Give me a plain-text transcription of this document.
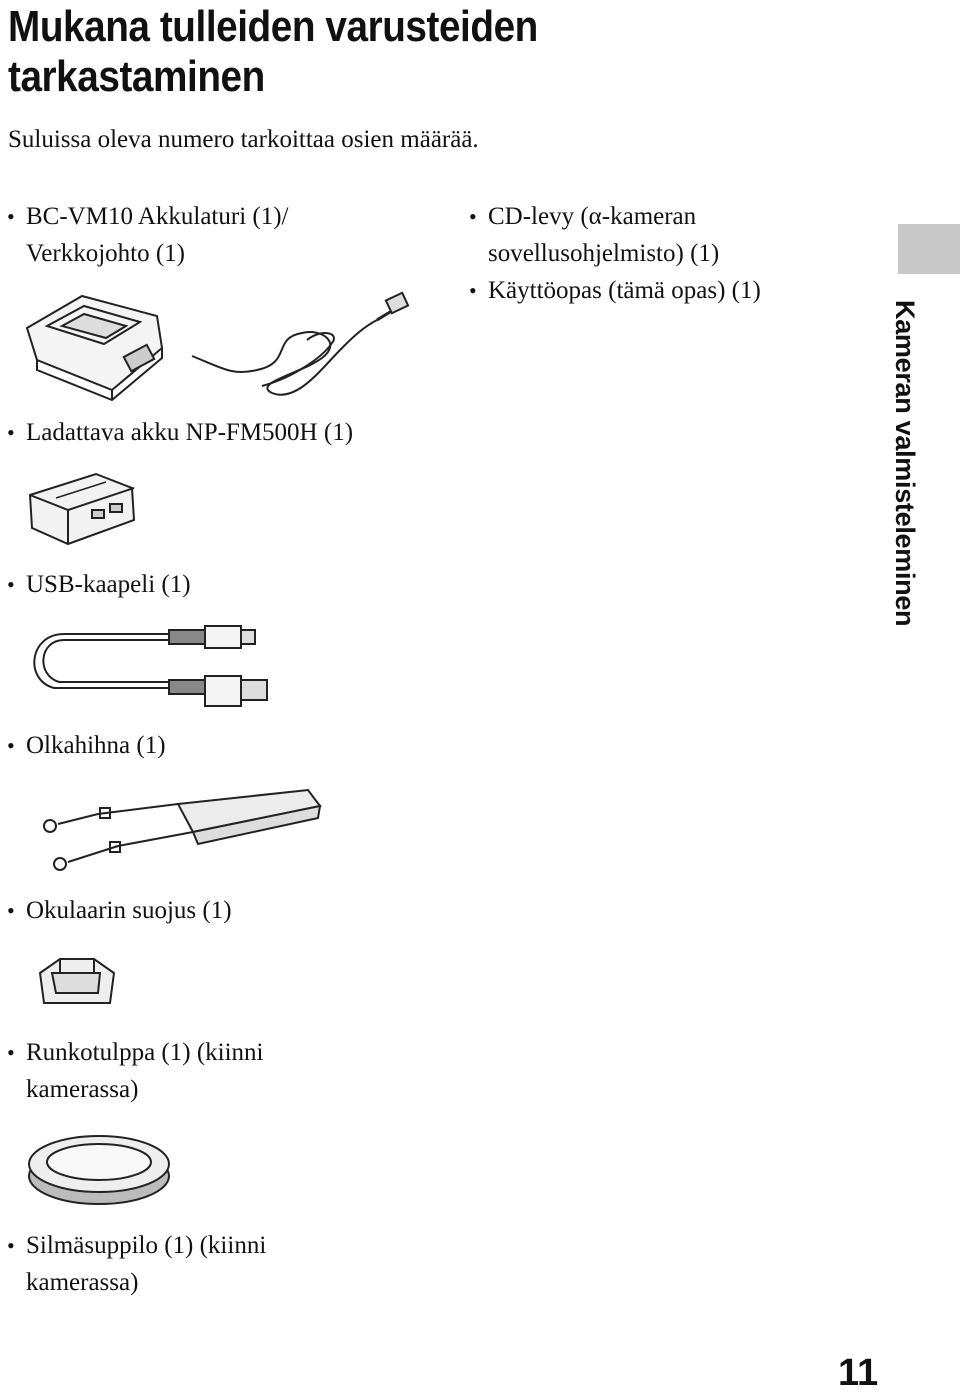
Mukana tulleiden varusteiden
tarkastaminen
Suluissa oleva numero tarkoittaa osien määrää.
Kameran valmisteleminen
• BC-VM10 Akkulaturi (1)/
Verkkojohto (1)
• Ladattava akku NP-FM500H (1)
• USB-kaapeli (1)
• Olkahihna (1)
• Okulaarin suojus (1)
• Runkotulppa (1) (kiinni
kamerassa)
• Silmäsuppilo (1) (kiinni
kamerassa)
• CD-levy (α-kameran
sovellusohjelmisto) (1)
• Käyttöopas (tämä opas) (1)
11
